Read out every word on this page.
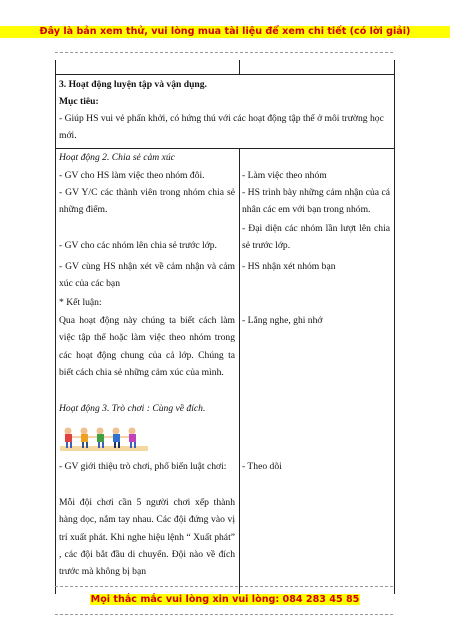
Đây là bản xem thử, vui lòng mua tài liệu để xem chi tiết (có lời giải)
3. Hoạt động luyện tập và vận dụng.
Mục tiêu:
- Giúp HS vui vẻ phấn khởi, có hứng thú với các hoạt động tập thể ở môi trường học mới.
Hoạt động 2. Chia sẻ cảm xúc
- GV cho HS làm việc theo nhóm đôi.
- GV Y/C các thành viên trong nhóm chia sẻ những điểm.
- GV cho các nhóm lên chia sẻ trước lớp.
- GV cùng HS nhận xét về cảm nhận và cảm xúc của các bạn
* Kết luận:
Qua hoạt động này chúng ta biết cách làm việc tập thể hoặc làm việc theo nhóm trong các hoạt động chung của cả lớp. Chúng ta biết cách chia sẻ những cảm xúc của mình.
Hoạt động 3. Trò chơi : Cùng về đích.
- GV giới thiệu trò chơi, phổ biến luật chơi:
Mỗi đội chơi cần 5 người chơi xếp thành hàng dọc, nắm tay nhau. Các đội đứng vào vị trí xuất phát. Khi nghe hiệu lệnh “ Xuất phát” , các đội bắt đầu di chuyển. Đội nào về đích trước mà không bị bạn
- Làm việc theo nhóm
- HS trình bày những cảm nhận của cá nhân các em với bạn trong nhóm.
- Đại diện các nhóm lần lượt lên chia sẻ trước lớp.
- HS nhận xét nhóm bạn
- Lắng nghe, ghi nhớ
- Theo dõi
Mọi thắc mắc vui lòng xin vui lòng: 084 283 45 85
